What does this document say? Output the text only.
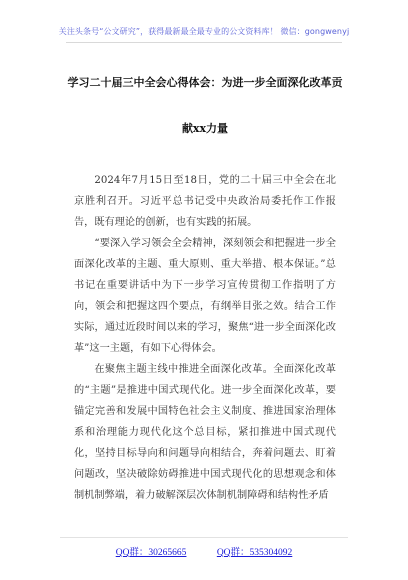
关注头条号“公文研究”，获得最新最全最专业的公文资料库！ 微信：gongwenyj
学习二十届三中全会心得体会：为进一步全面深化改革贡
献xx力量

2024年7月15日至18日，党的二十届三中全会在北京胜利召开。习近平总书记受中央政治局委托作工作报告，既有理论的创新，也有实践的拓展。

“要深入学习领会全会精神，深刻领会和把握进一步全面深化改革的主题、重大原则、重大举措、根本保证。”总书记在重要讲话中为下一步学习宣传贯彻工作指明了方向，领会和把握这四个要点，有纲举目张之效。结合工作实际，通过近段时间以来的学习，聚焦“进一步全面深化改革”这一主题，有如下心得体会。

在聚焦主题主线中推进全面深化改革。全面深化改革的“主题”是推进中国式现代化。进一步全面深化改革，要锚定完善和发展中国特色社会主义制度、推进国家治理体系和治理能力现代化这个总目标，紧扣推进中国式现代化，坚持目标导向和问题导向相结合，奔着问题去、盯着问题改，坚决破除妨碍推进中国式现代化的思想观念和体制机制弊端，着力破解深层次体制机制障碍和结构性矛盾

QQ群：30265665	QQ群：535304092
